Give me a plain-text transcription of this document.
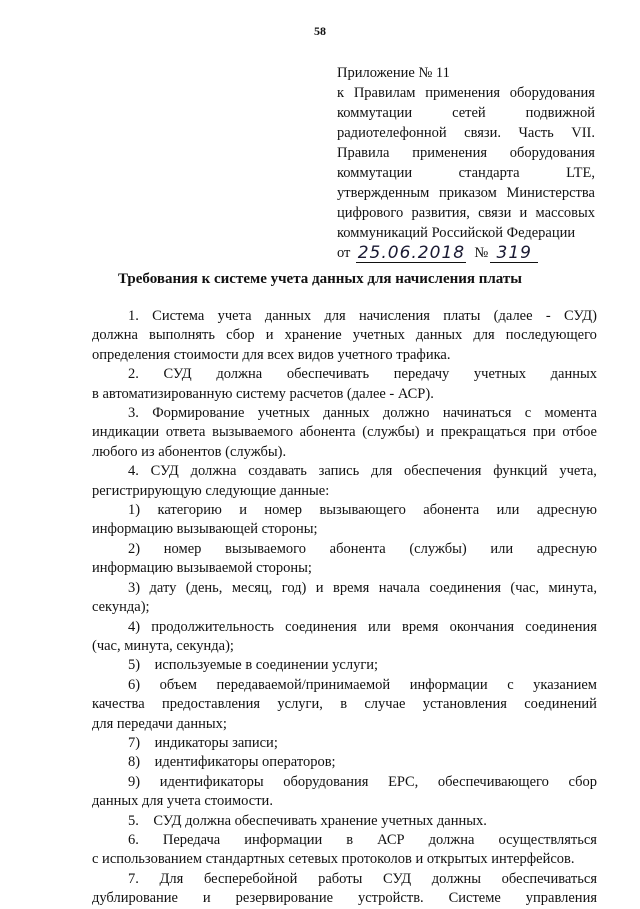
58
Приложение № 11
к Правилам применения оборудования
коммутации	сетей	подвижной
радиотелефонной связи. Часть VII.
Правила применения оборудования
коммутации	стандарта	LTE,
утвержденным приказом Министерства
цифрового развития, связи и массовых
коммуникаций Российской Федерации
от 25.06.2018 № 319
Требования к системе учета данных для начисления платы
1. Система учета данных для начисления платы (далее - СУД)
должна выполнять сбор и хранение учетных данных для последующего
определения стоимости для всех видов учетного трафика.
2. СУД должна обеспечивать передачу учетных данных
в автоматизированную систему расчетов (далее - АСР).
3. Формирование учетных данных должно начинаться с момента
индикации ответа вызываемого абонента (службы) и прекращаться при отбое
любого из абонентов (службы).
4. СУД должна создавать запись для обеспечения функций учета,
регистрирующую следующие данные:
1) категорию и номер вызывающего абонента или адресную
информацию вызывающей стороны;
2) номер вызываемого абонента (службы) или адресную
информацию вызываемой стороны;
3) дату (день, месяц, год) и время начала соединения (час, минута,
секунда);
4) продолжительность соединения или время окончания соединения
(час, минута, секунда);
5)    используемые в соединении услуги;
6) объем передаваемой/принимаемой информации с указанием
качества предоставления услуги, в случае установления соединений
для передачи данных;
7)    индикаторы записи;
8)    идентификаторы операторов;
9) идентификаторы оборудования EPC, обеспечивающего сбор
данных для учета стоимости.
5.    СУД должна обеспечивать хранение учетных данных.
6. Передача информации в АСР должна осуществляться
с использованием стандартных сетевых протоколов и открытых интерфейсов.
7. Для бесперебойной работы СУД должны обеспечиваться
дублирование и резервирование устройств. Системе управления
